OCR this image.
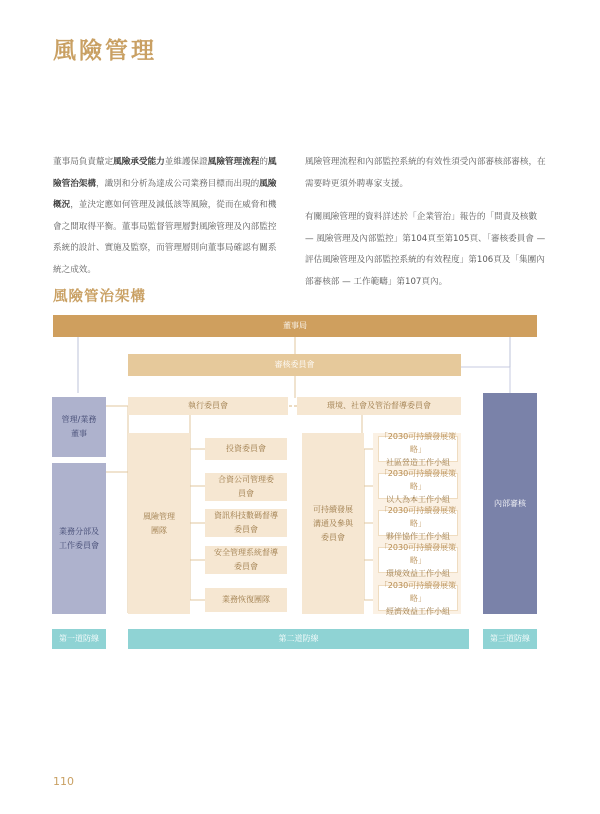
風險管理

董事局負責釐定風險承受能力並維護保證風險管理流程的風險管治架構，識別和分析為達成公司業務目標而出現的風險概況，並決定應如何管理及減低該等風險，從而在威脅和機會之間取得平衡。董事局監督管理層對風險管理及內部監控系統的設計、實施及監察，而管理層則向董事局確認有關系統之成效。

風險管理流程和內部監控系統的有效性須受內部審核部審核，在需要時更須外聘專家支援。

有關風險管理的資料詳述於「企業管治」報告的「問責及核數 — 風險管理及內部監控」第104頁至第105頁、「審核委員會 — 評估風險管理及內部監控系統的有效程度」第106頁及「集團內部審核部 — 工作範疇」第107頁內。

風險管治架構
董事局
審核委員會
執行委員會	環境、社會及管治督導委員會
管理/業務董事
業務分部及工作委員會
風險管理團隊
投資委員會
合資公司管理委員會
資訊科技數碼督導委員會
安全管理系統督導委員會
業務恢復團隊
可持續發展溝通及參與委員會
「2030可持續發展策略」
社區營造工作小組
「2030可持續發展策略」
以人為本工作小組
「2030可持續發展策略」
夥伴協作工作小組
「2030可持續發展策略」
環境效益工作小組
「2030可持續發展策略」
經濟效益工作小組
內部審核
第一道防線	第二道防線	第三道防線
110
